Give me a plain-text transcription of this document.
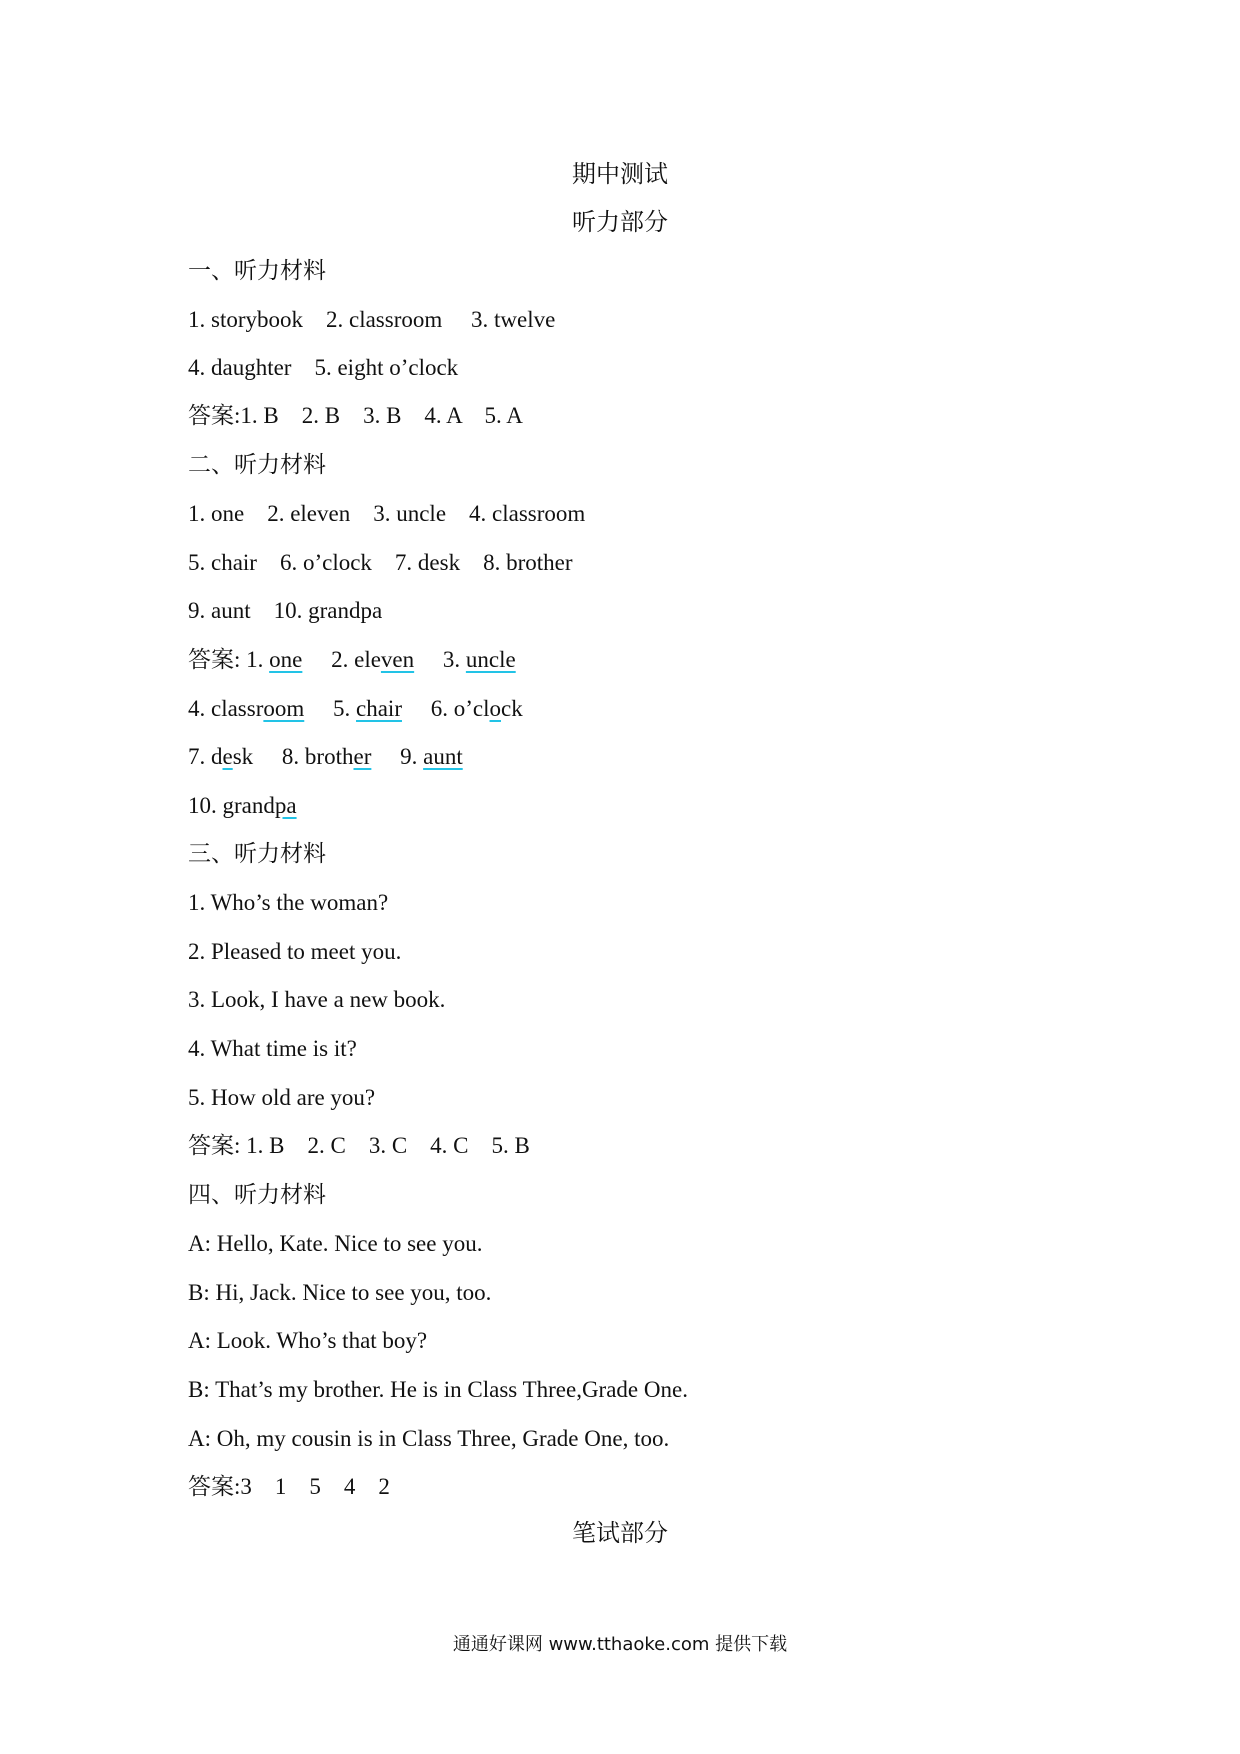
期中测试
听力部分
一、听力材料
1. storybook    2. classroom     3. twelve
4. daughter    5. eight o’clock
答案:1. B    2. B    3. B    4. A    5. A
二、听力材料
1. one    2. eleven    3. uncle    4. classroom
5. chair    6. o’clock    7. desk    8. brother
9. aunt    10. grandpa
答案: 1. one 2. eleven 3. uncle
4. classroom 5. chair 6. o’clock
7. desk 8. brother 9. aunt
10. grandpa
三、听力材料
1. Who’s the woman?
2. Pleased to meet you.
3. Look, I have a new book.
4. What time is it?
5. How old are you?
答案: 1. B    2. C    3. C    4. C    5. B
四、听力材料
A: Hello, Kate. Nice to see you.
B: Hi, Jack. Nice to see you, too.
A: Look. Who’s that boy?
B: That’s my brother. He is in Class Three,Grade One.
A: Oh, my cousin is in Class Three, Grade One, too.
答案:3    1    5    4    2
笔试部分
通通好课网 www.tthaoke.com 提供下载
